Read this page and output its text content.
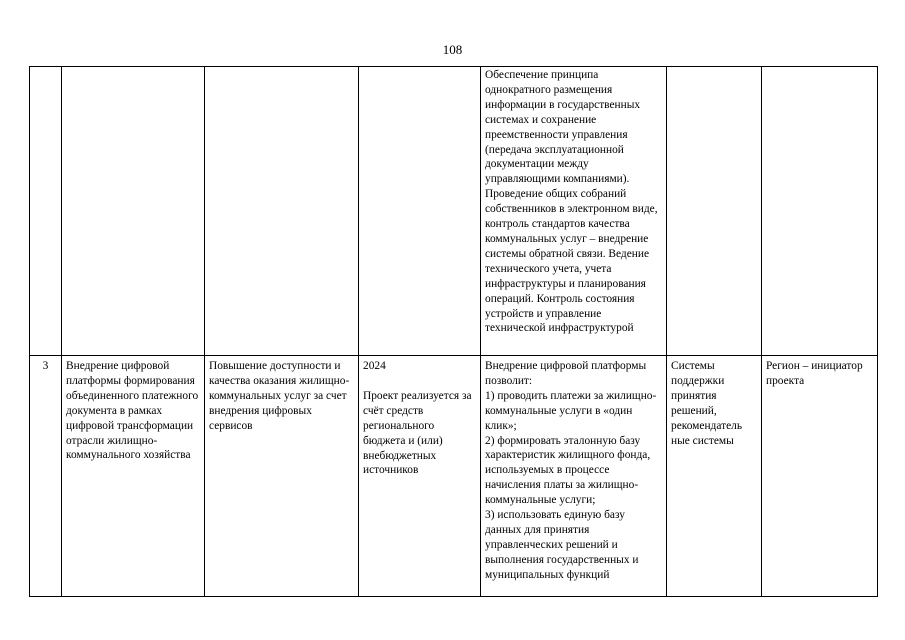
108
				Обеспечение принципа однократного размещения информации в государственных системах и сохранение преемственности управления (передача эксплуатационной документации между управляющими компаниями). Проведение общих собраний собственников в электронном виде, контроль стандартов качества коммунальных услуг – внедрение системы обратной связи. Ведение технического учета, учета инфраструктуры и планирования операций. Контроль состояния устройств и управление технической инфраструктурой		
3	Внедрение цифровой платформы формирования объединенного платежного документа в рамках цифровой трансформации отрасли жилищно-коммунального хозяйства	Повышение доступности и качества оказания жилищно-коммунальных услуг за счет внедрения цифровых сервисов	2024
Проект реализуется за счёт средств регионального бюджета и (или) внебюджетных источников	Внедрение цифровой платформы позволит:
1) проводить платежи за жилищно-коммунальные услуги в «один клик»;
2) формировать эталонную базу характеристик жилищного фонда, используемых в процессе начисления платы за жилищно-коммунальные услуги;
3) использовать единую базу данных для принятия управленческих решений и выполнения государственных и муниципальных функций	Системы поддержки принятия решений, рекомендатель ные системы	Регион – инициатор проекта
